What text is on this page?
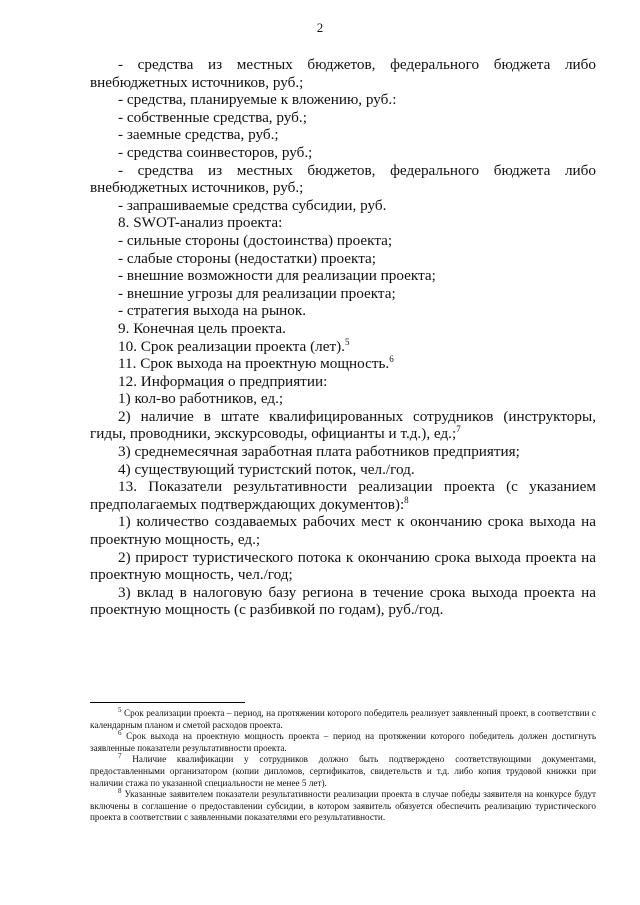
2

- средства из местных бюджетов, федерального бюджета либо внебюджетных источников, руб.;

- средства, планируемые к вложению, руб.:

- собственные средства, руб.;

- заемные средства, руб.;

- средства соинвесторов, руб.;

- средства из местных бюджетов, федерального бюджета либо внебюджетных источников, руб.;

- запрашиваемые средства субсидии, руб.

8. SWOT-анализ проекта:

- сильные стороны (достоинства) проекта;

- слабые стороны (недостатки) проекта;

- внешние возможности для реализации проекта;

- внешние угрозы для реализации проекта;

- стратегия выхода на рынок.

9. Конечная цель проекта.

10. Срок реализации проекта (лет).$^5$

11. Срок выхода на проектную мощность.$^6$

12. Информация о предприятии:

1) кол-во работников, ед.;

2) наличие в штате квалифицированных сотрудников (инструкторы, гиды, проводники, экскурсоводы, официанты и т.д.), ед.;$^7$

3) среднемесячная заработная плата работников предприятия;

4) существующий туристский поток, чел./год.

13. Показатели результативности реализации проекта (с указанием предполагаемых подтверждающих документов):$^8$

1) количество создаваемых рабочих мест к окончанию срока выхода на проектную мощность, ед.;

2) прирост туристического потока к окончанию срока выхода проекта на проектную мощность, чел./год;

3) вклад в налоговую базу региона в течение срока выхода проекта на проектную мощность (с разбивкой по годам), руб./год.

$^5$ Срок реализации проекта – период, на протяжении которого победитель реализует заявленный проект, в соответствии с календарным планом и сметой расходов проекта.

$^6$ Срок выхода на проектную мощность проекта – период на протяжении которого победитель должен достигнуть заявленные показатели результативности проекта.

$^7$ Наличие квалификации у сотрудников должно быть подтверждено соответствующими документами, предоставленными организатором (копии дипломов, сертификатов, свидетельств и т.д. либо копия трудовой книжки при наличии стажа по указанной специальности не менее 5 лет).

$^8$ Указанные заявителем показатели результативности реализации проекта в случае победы заявителя на конкурсе будут включены в соглашение о предоставлении субсидии, в котором заявитель обязуется обеспечить реализацию туристического проекта в соответствии с заявленными показателями его результативности.
